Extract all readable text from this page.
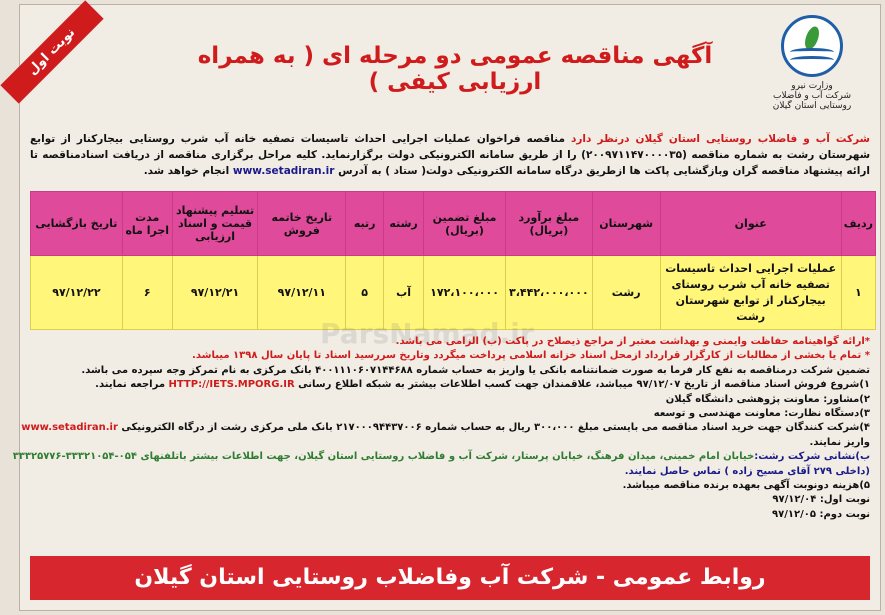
نوبت اول
وزارت نیرو
شرکت آب و فاضلاب روستایی استان گیلان
آگهی مناقصه عمومی دو مرحله ای ( به همراه ارزیابی کیفی )
شرکت آب و فاضلاب روستایی استان گیلان درنظر دارد مناقصه فراخوان عملیات اجرایی احداث تاسیسات تصفیه خانه آب شرب روستایی بیجارکنار از توابع شهرستان رشت به شماره مناقصه (۲۰۰۹۷۱۱۴۷۰۰۰۰۳۵) را از طریق سامانه الکترونیکی دولت برگزارنماید. کلیه مراحل برگزاری مناقصه از دریافت اسنادمناقصه تا ارائه پیشنهاد مناقصه گران وبازگشایی پاکت ها ازطریق درگاه سامانه الکترونیکی دولت( ستاد ) به آدرس www.setadiran.ir انجام خواهد شد.
ردیف	عنوان	شهرستان	مبلغ برآورد (بریال)	مبلغ تضمین (بریال)	رشته	رتبه	تاریخ خاتمه فروش	تسلیم پیشنهاد قیمت و اسناد ارزیابی	مدت اجرا ماه	تاریخ بازگشایی
۱	عملیات اجرایی احداث تاسیسات تصفیه خانه آب شرب روستای بیجارکنار از توابع شهرستان رشت	رشت	۳،۴۴۲،۰۰۰،۰۰۰	۱۷۲،۱۰۰،۰۰۰	آب	۵	۹۷/۱۲/۱۱	۹۷/۱۲/۲۱	۶	۹۷/۱۲/۲۲
ParsNamad.ir
*ارائه گواهینامه حفاظت وایمنی و بهداشت معتبر از مراجع ذیصلاح در پاکت (ب) الزامی می باشد.
* تمام یا بخشی از مطالبات از کارگزار قرارداد ازمحل اسناد خزانه اسلامی پرداخت میگردد وتاریخ سررسید اسناد تا پایان سال ۱۳۹۸ میباشد.
تضمین شرکت درمناقصه به نفع کار فرما به صورت ضمانتنامه بانکی یا واریز به حساب شماره ۴۰۰۱۱۱۰۶۰۷۱۴۴۶۸۸ بانک مرکزی به نام تمرکز وجه سپرده می باشد.
۱)شروع فروش اسناد مناقصه از تاریخ ۹۷/۱۲/۰۷ میباشد، علاقمندان جهت کسب اطلاعات بیشتر به شبکه اطلاع رسانی HTTP://IETS.MPORG.IR مراجعه نمایند.
۲)مشاور: معاونت پژوهشی دانشگاه گیلان
۳)دستگاه نظارت: معاونت مهندسی و توسعه
۴)شرکت کنندگان جهت خرید اسناد مناقصه می بایستی مبلغ ۳۰۰،۰۰۰ ریال به حساب شماره ۲۱۷۰۰۰۹۴۴۳۷۰۰۶ بانک ملی مرکزی رشت از درگاه الکترونیکی www.setadiran.ir
واریز نمایند.
ب)نشانی شرکت رشت:خیابان امام خمینی، میدان فرهنگ، خیابان پرستار، شرکت آب و فاضلاب روستایی استان گیلان، جهت اطلاعات بیشتر باتلفنهای ۰۵۴-۳۳۳۲۱۰۵۴-۳۳۳۲۵۷۷۶
(داخلی ۲۷۹ آقای مسیح زاده ) تماس حاصل نمایند.
۵)هزینه دونوبت آگهی بعهده برنده مناقصه میباشد.
نوبت اول: ۹۷/۱۲/۰۴
نوبت دوم: ۹۷/۱۲/۰۵
روابط عمومی - شرکت آب وفاضلاب روستایی استان گیلان
